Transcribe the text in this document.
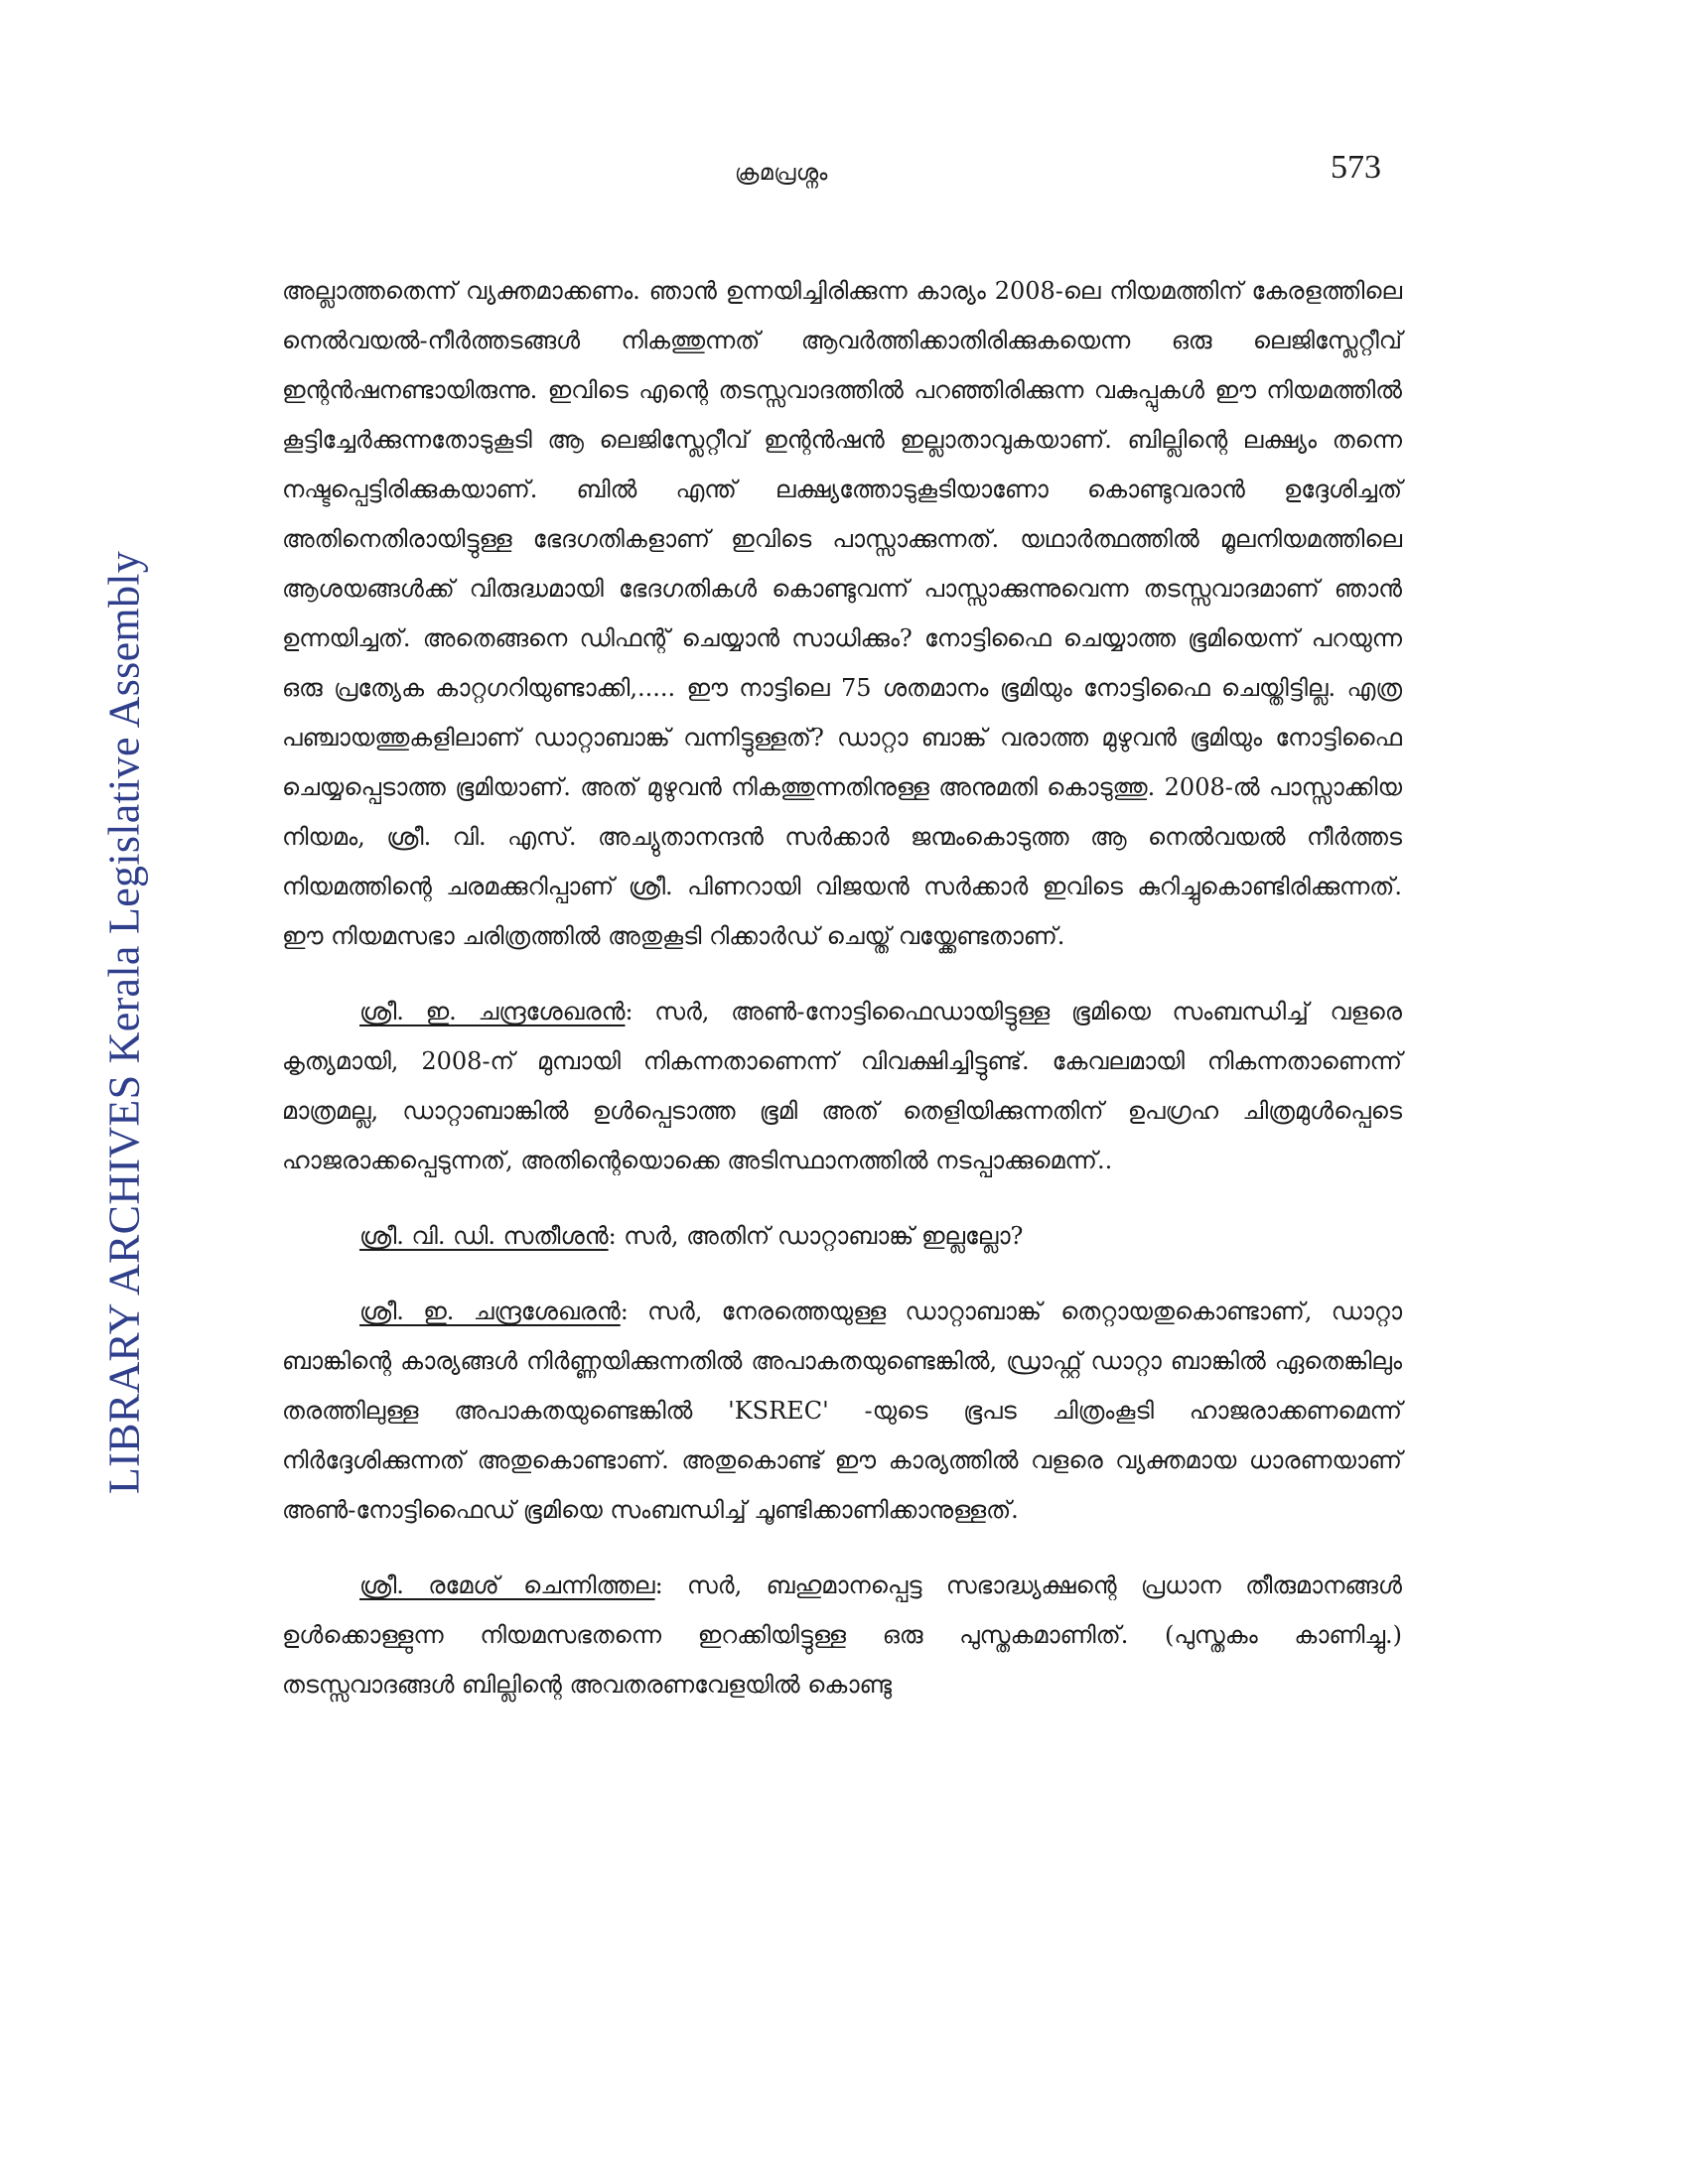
ക്രമപ്രശ്നം	573
LIBRARY ARCHIVES Kerala Legislative Assembly

അല്ലാത്തതെന്ന് വ്യക്തമാക്കണം. ഞാൻ ഉന്നയിച്ചിരിക്കുന്ന കാര്യം 2008-ലെ നിയമത്തിന് കേരളത്തിലെ നെൽവയൽ-നീർത്തടങ്ങൾ നികത്തുന്നത് ആവർത്തിക്കാതിരിക്കുകയെന്ന ഒരു ലെജിസ്ലേറ്റീവ് ഇന്റൻഷനണ്ടായിരുന്നു. ഇവിടെ എന്റെ തടസ്സവാദത്തിൽ പറഞ്ഞിരിക്കുന്ന വകുപ്പുകൾ ഈ നിയമത്തിൽ കൂട്ടിച്ചേർക്കുന്നതോടുകൂടി ആ ലെജിസ്ലേറ്റീവ് ഇന്റൻഷൻ ഇല്ലാതാവുകയാണ്. ബില്ലിന്റെ ലക്ഷ്യം തന്നെ നഷ്ടപ്പെട്ടിരിക്കുകയാണ്. ബിൽ എന്ത് ലക്ഷ്യത്തോടുകൂടിയാണോ കൊണ്ടുവരാൻ ഉദ്ദേശിച്ചത് അതിനെതിരായിട്ടുള്ള ഭേദഗതികളാണ് ഇവിടെ പാസ്സാക്കുന്നത്. യഥാർത്ഥത്തിൽ മൂലനിയമത്തിലെ ആശയങ്ങൾക്ക് വിരുദ്ധമായി ഭേദഗതികൾ കൊണ്ടുവന്ന് പാസ്സാക്കുന്നുവെന്ന തടസ്സവാദമാണ് ഞാൻ ഉന്നയിച്ചത്. അതെങ്ങനെ ഡിഫന്റ് ചെയ്യാൻ സാധിക്കും? നോട്ടിഫൈ ചെയ്യാത്ത ഭൂമിയെന്ന് പറയുന്ന ഒരു പ്രത്യേക കാറ്റഗറിയുണ്ടാക്കി,..... ഈ നാട്ടിലെ 75 ശതമാനം ഭൂമിയും നോട്ടിഫൈ ചെയ്തിട്ടില്ല. എത്ര പഞ്ചായത്തുകളിലാണ് ഡാറ്റാബാങ്ക് വന്നിട്ടുള്ളത്? ഡാറ്റാ ബാങ്ക് വരാത്ത മുഴുവൻ ഭൂമിയും നോട്ടിഫൈ ചെയ്യപ്പെടാത്ത ഭൂമിയാണ്. അത് മുഴുവൻ നികത്തുന്നതിനുള്ള അനുമതി കൊടുത്തു. 2008-ൽ പാസ്സാക്കിയ നിയമം, ശ്രീ. വി. എസ്. അച്യുതാനന്ദൻ സർക്കാർ ജന്മംകൊടുത്ത ആ നെൽവയൽ നീർത്തട നിയമത്തിന്റെ ചരമക്കുറിപ്പാണ് ശ്രീ. പിണറായി വിജയൻ സർക്കാർ ഇവിടെ കുറിച്ചുകൊണ്ടിരിക്കുന്നത്. ഈ നിയമസഭാ ചരിത്രത്തിൽ അതുകൂടി റിക്കാർഡ് ചെയ്ത് വയ്ക്കേണ്ടതാണ്.

ശ്രീ. ഇ. ചന്ദ്രശേഖരൻ: സർ, അൺ-നോട്ടിഫൈഡായിട്ടുള്ള ഭൂമിയെ സംബന്ധിച്ച് വളരെ കൃത്യമായി, 2008-ന് മുമ്പായി നികന്നതാണെന്ന് വിവക്ഷിച്ചിട്ടുണ്ട്. കേവലമായി നികന്നതാണെന്ന് മാത്രമല്ല, ഡാറ്റാബാങ്കിൽ ഉൾപ്പെടാത്ത ഭൂമി അത് തെളിയിക്കുന്നതിന് ഉപഗ്രഹ ചിത്രമുൾപ്പെടെ ഹാജരാക്കപ്പെടുന്നത്, അതിന്റെയൊക്കെ അടിസ്ഥാനത്തിൽ നടപ്പാക്കുമെന്ന്..

ശ്രീ. വി. ഡി. സതീശൻ: സർ, അതിന് ഡാറ്റാബാങ്ക് ഇല്ലല്ലോ?

ശ്രീ. ഇ. ചന്ദ്രശേഖരൻ: സർ, നേരത്തെയുള്ള ഡാറ്റാബാങ്ക് തെറ്റായതുകൊണ്ടാണ്, ഡാറ്റാ ബാങ്കിന്റെ കാര്യങ്ങൾ നിർണ്ണയിക്കുന്നതിൽ അപാകതയുണ്ടെങ്കിൽ, ഡ്രാഫ്റ്റ് ഡാറ്റാ ബാങ്കിൽ ഏതെങ്കിലും തരത്തിലുള്ള അപാകതയുണ്ടെങ്കിൽ 'KSREC' -യുടെ ഭൂപട ചിത്രംകൂടി ഹാജരാക്കണമെന്ന് നിർദ്ദേശിക്കുന്നത് അതുകൊണ്ടാണ്. അതുകൊണ്ട് ഈ കാര്യത്തിൽ വളരെ വ്യക്തമായ ധാരണയാണ് അൺ-നോട്ടിഫൈഡ് ഭൂമിയെ സംബന്ധിച്ച് ചൂണ്ടിക്കാണിക്കാനുള്ളത്.

ശ്രീ. രമേശ് ചെന്നിത്തല: സർ, ബഹുമാനപ്പെട്ട സഭാദ്ധ്യക്ഷന്റെ പ്രധാന തീരുമാനങ്ങൾ ഉൾക്കൊള്ളുന്ന നിയമസഭതന്നെ ഇറക്കിയിട്ടുള്ള ഒരു പുസ്തകമാണിത്. (പുസ്തകം കാണിച്ചു.) തടസ്സവാദങ്ങൾ ബില്ലിന്റെ അവതരണവേളയിൽ കൊണ്ടു
